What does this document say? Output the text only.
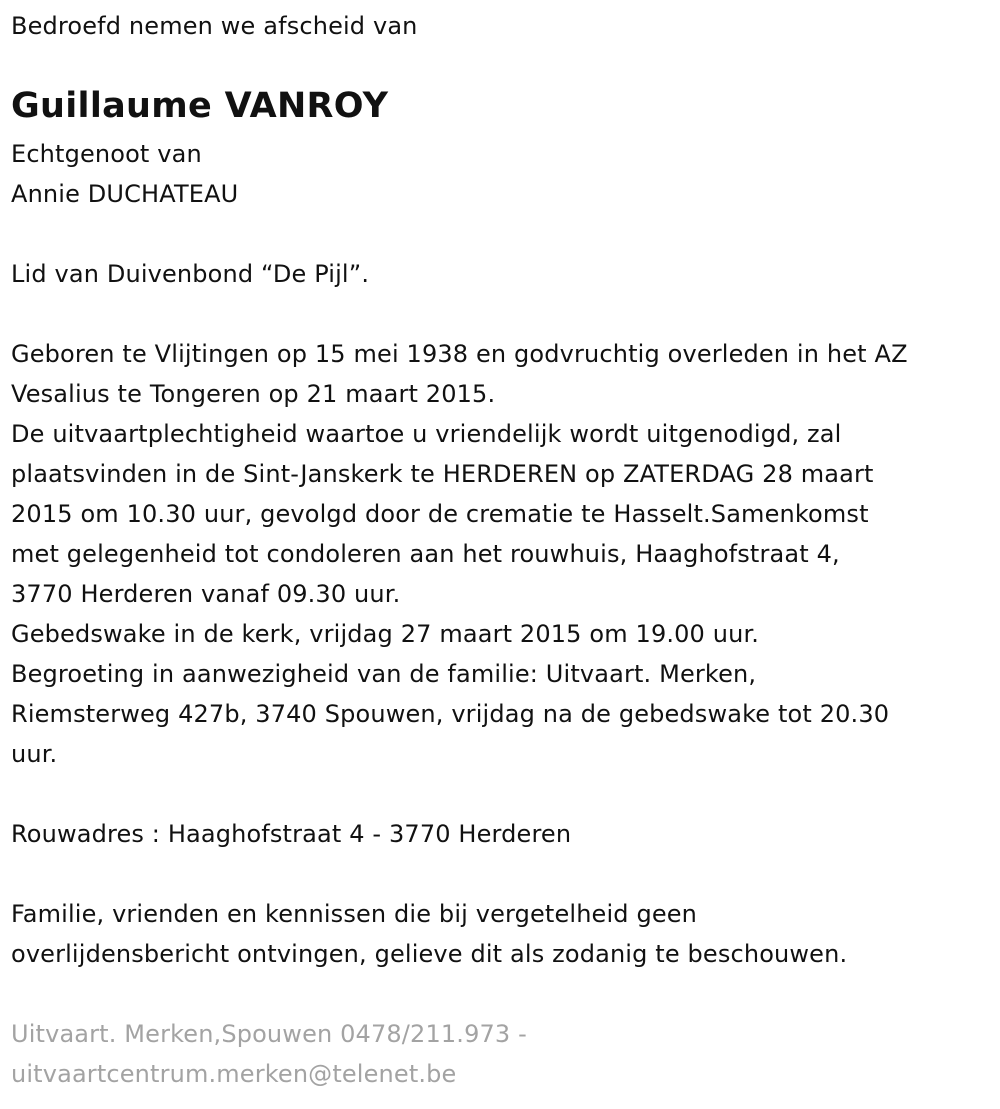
Bedroefd nemen we afscheid van
Guillaume VANROY
Echtgenoot van
Annie DUCHATEAU
Lid van Duivenbond “De Pijl”.
Geboren te Vlijtingen op 15 mei 1938 en godvruchtig overleden in het AZ
Vesalius te Tongeren op 21 maart 2015.
De uitvaartplechtigheid waartoe u vriendelijk wordt uitgenodigd, zal
plaatsvinden in de Sint-Janskerk te HERDEREN op ZATERDAG 28 maart
2015 om 10.30 uur, gevolgd door de crematie te Hasselt.Samenkomst
met gelegenheid tot condoleren aan het rouwhuis, Haaghofstraat 4,
3770 Herderen vanaf 09.30 uur.
Gebedswake in de kerk, vrijdag 27 maart 2015 om 19.00 uur.
Begroeting in aanwezigheid van de familie: Uitvaart. Merken,
Riemsterweg 427b, 3740 Spouwen, vrijdag na de gebedswake tot 20.30
uur.
Rouwadres : Haaghofstraat 4 - 3770 Herderen
Familie, vrienden en kennissen die bij vergetelheid geen
overlijdensbericht ontvingen, gelieve dit als zodanig te beschouwen.
Uitvaart. Merken,Spouwen 0478/211.973 -
uitvaartcentrum.merken@telenet.be
